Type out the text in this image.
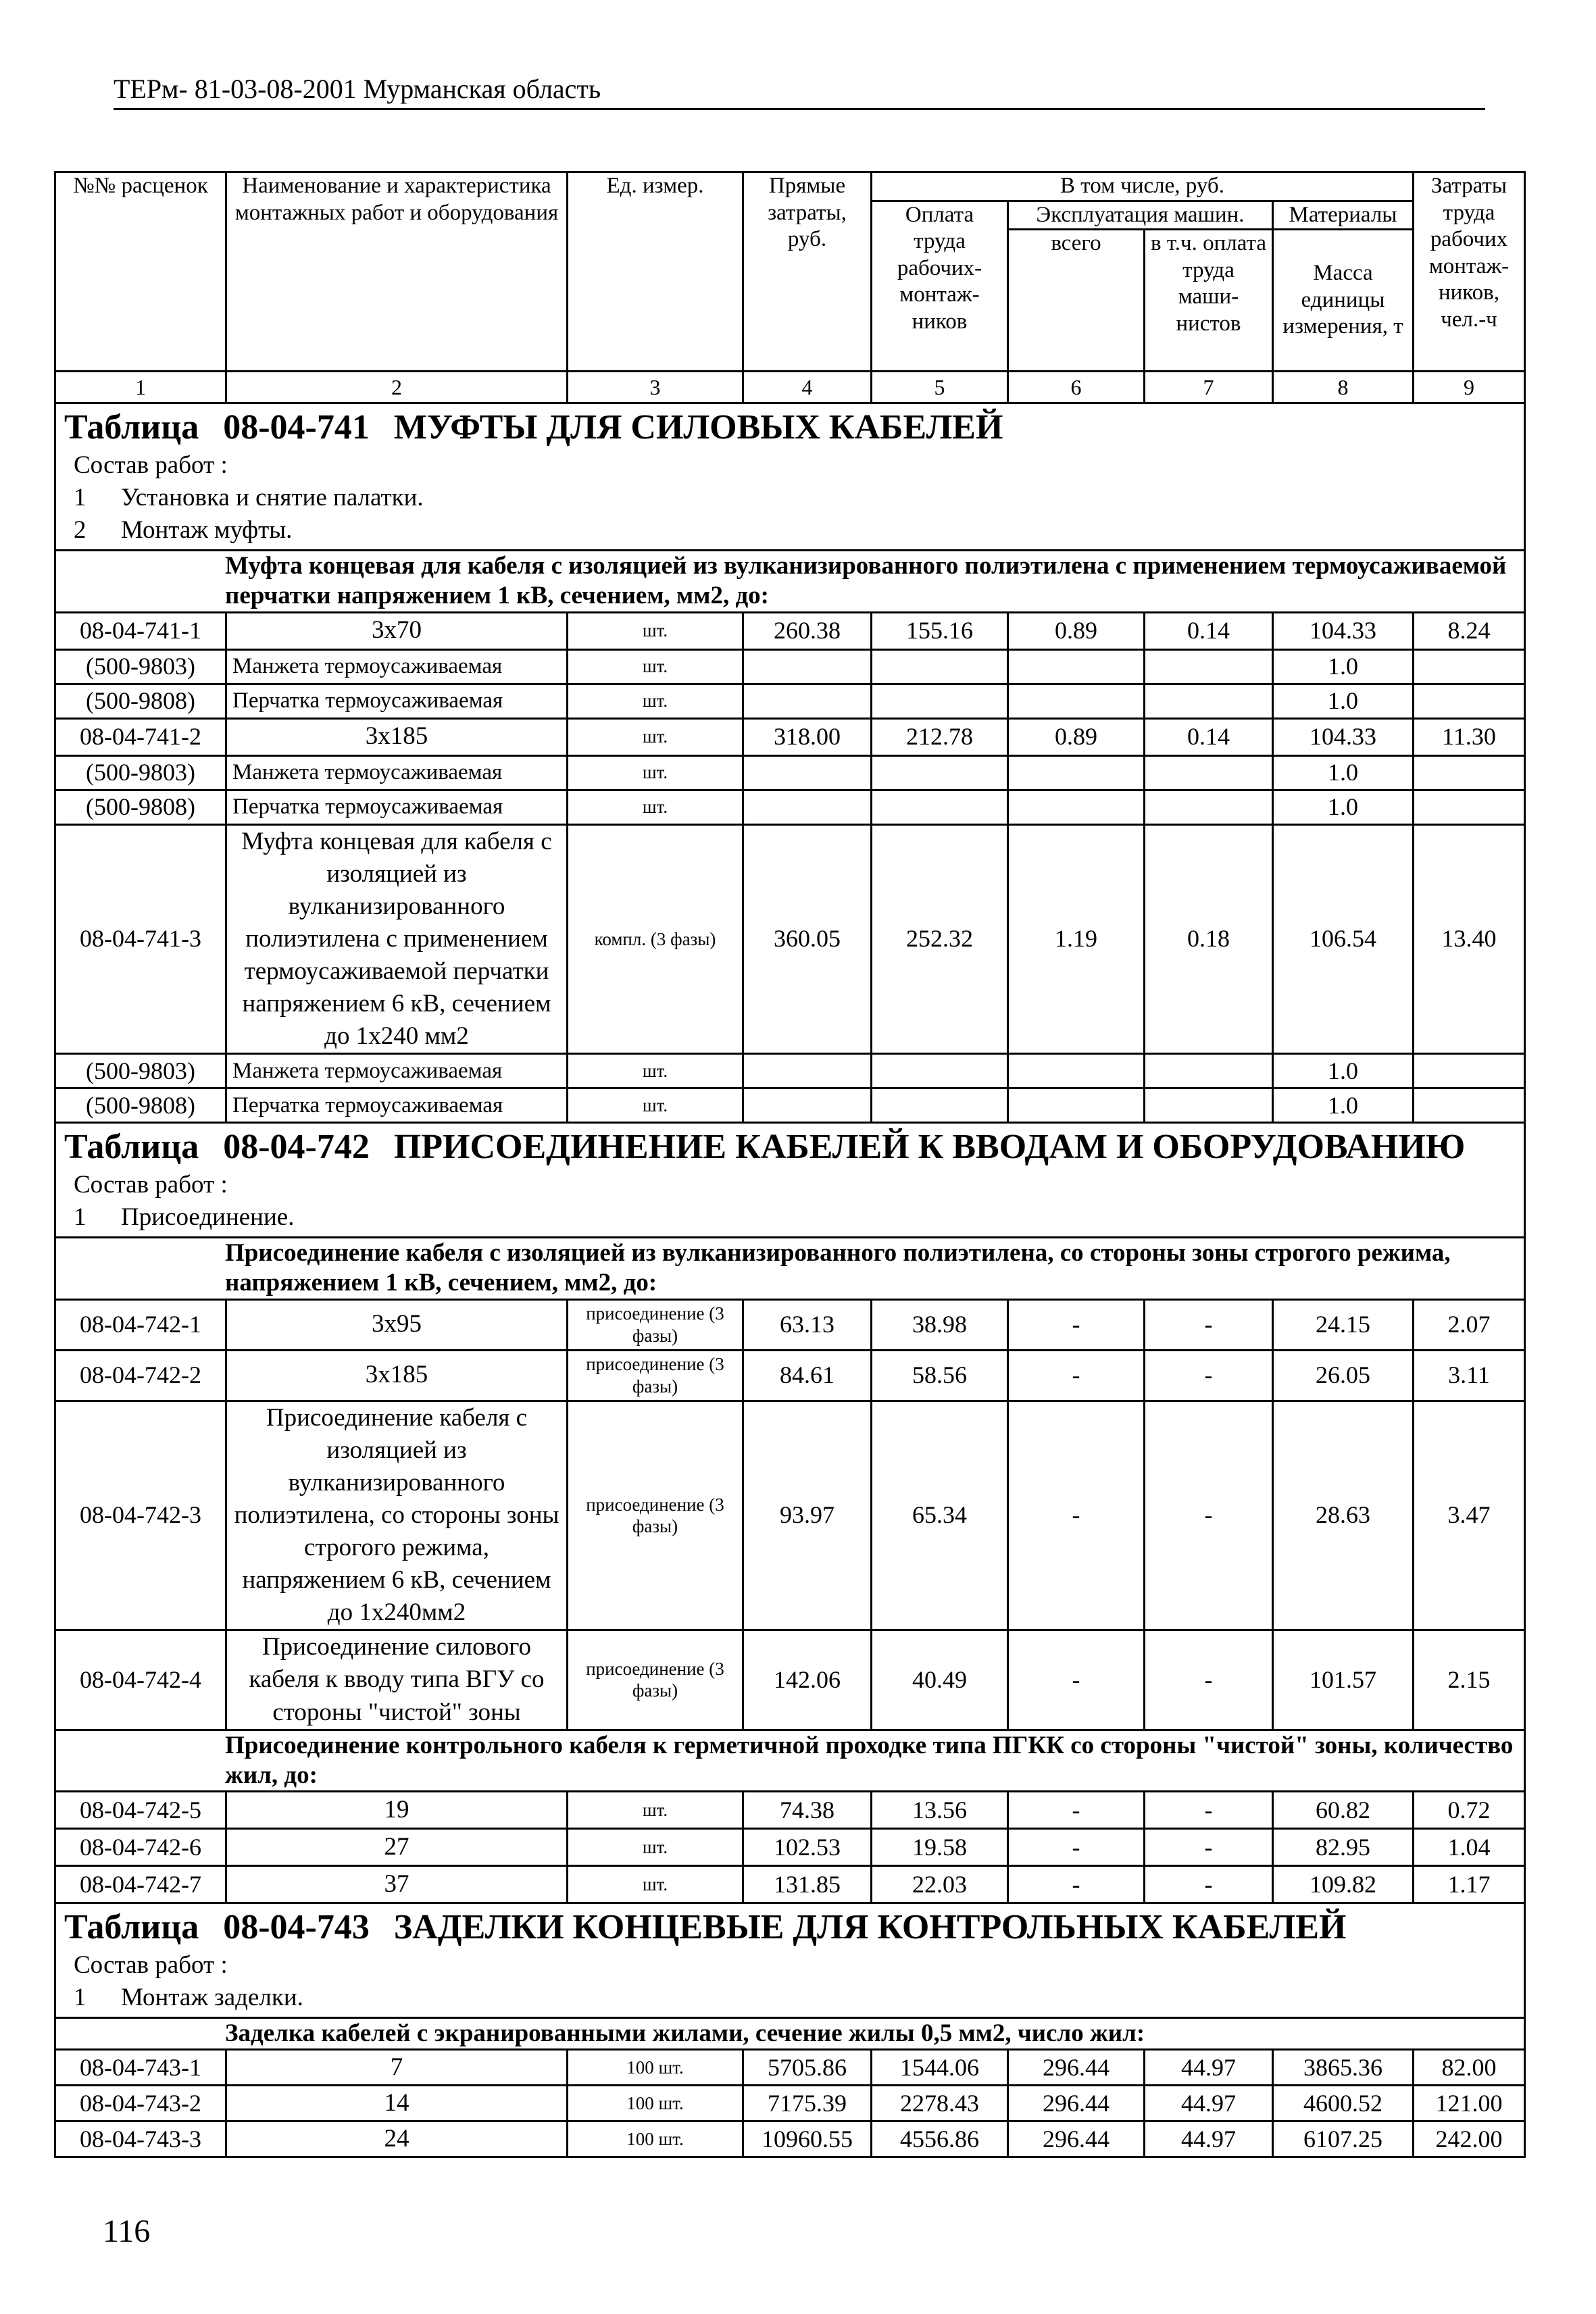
ТЕРм- 81-03-08-2001 Мурманская область
№№ расценок	Наименование и характеристика монтажных работ и оборудования	Ед. измер.	Прямые затраты, руб.	В том числе, руб.				Затраты труда рабочих монтаж-ников, чел.-ч
				Оплата труда рабочих-монтаж-ников	Эксплуатация машин.		Материалы	
					всего	в т.ч. оплата труда маши-нистов	Масса единицы измерения, т	
1	2	3	4	5	6	7	8	9

Таблица 08-04-741 МУФТЫ ДЛЯ СИЛОВЫХ КАБЕЛЕЙ
Состав работ :
1 Установка и снятие палатки.
2 Монтаж муфты.								

Муфта концевая для кабеля с изоляцией из вулканизированного полиэтилена с применением термоусаживаемой перчатки напряжением 1 кВ, сечением, мм2, до:								
08-04-741-1	3х70	шт.	260.38	155.16	0.89	0.14	104.33	8.24
(500-9803)	Манжета термоусаживаемая	шт.					1.0	
(500-9808)	Перчатка термоусаживаемая	шт.					1.0	
08-04-741-2	3х185	шт.	318.00	212.78	0.89	0.14	104.33	11.30
(500-9803)	Манжета термоусаживаемая	шт.					1.0	
(500-9808)	Перчатка термоусаживаемая	шт.					1.0	
08-04-741-3	Муфта концевая для кабеля с изоляцией из вулканизированного полиэтилена с применением термоусаживаемой перчатки напряжением 6 кВ, сечением до 1х240 мм2	компл. (3 фазы)	360.05	252.32	1.19	0.18	106.54	13.40
(500-9803)	Манжета термоусаживаемая	шт.					1.0	
(500-9808)	Перчатка термоусаживаемая	шт.					1.0	

Таблица 08-04-742 ПРИСОЕДИНЕНИЕ КАБЕЛЕЙ К ВВОДАМ И ОБОРУДОВАНИЮ
Состав работ :
1 Присоединение.								

Присоединение кабеля с изоляцией из вулканизированного полиэтилена, со стороны зоны строгого режима, напряжением 1 кВ, сечением, мм2, до:								
08-04-742-1	3х95	присоединение (3 фазы)	63.13	38.98	-	-	24.15	2.07
08-04-742-2	3х185	присоединение (3 фазы)	84.61	58.56	-	-	26.05	3.11
08-04-742-3	Присоединение кабеля с изоляцией из вулканизированного полиэтилена, со стороны зоны строгого режима, напряжением 6 кВ, сечением до 1х240мм2	присоединение (3 фазы)	93.97	65.34	-	-	28.63	3.47
08-04-742-4	Присоединение силового кабеля к вводу типа ВГУ со стороны "чистой" зоны	присоединение (3 фазы)	142.06	40.49	-	-	101.57	2.15
Присоединение контрольного кабеля к герметичной проходке типа ПГКК со стороны "чистой" зоны, количество жил, до:								
08-04-742-5	19	шт.	74.38	13.56	-	-	60.82	0.72
08-04-742-6	27	шт.	102.53	19.58	-	-	82.95	1.04
08-04-742-7	37	шт.	131.85	22.03	-	-	109.82	1.17

Таблица 08-04-743 ЗАДЕЛКИ КОНЦЕВЫЕ ДЛЯ КОНТРОЛЬНЫХ КАБЕЛЕЙ
Состав работ :
1 Монтаж заделки.								

Заделка кабелей с экранированными жилами, сечение жилы 0,5 мм2, число жил:								
08-04-743-1	7	100 шт.	5705.86	1544.06	296.44	44.97	3865.36	82.00
08-04-743-2	14	100 шт.	7175.39	2278.43	296.44	44.97	4600.52	121.00
08-04-743-3	24	100 шт.	10960.55	4556.86	296.44	44.97	6107.25	242.00
116
